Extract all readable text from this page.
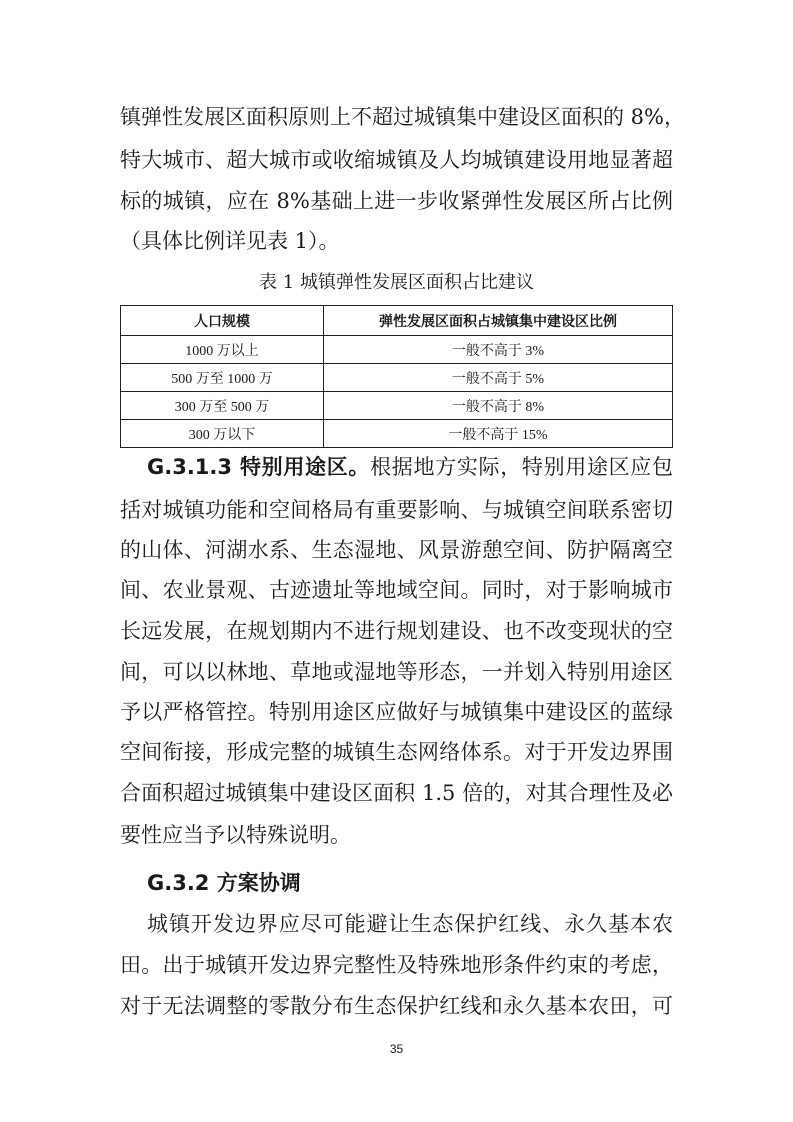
镇弹性发展区面积原则上不超过城镇集中建设区面积的 8%，
特大城市、超大城市或收缩城镇及人均城镇建设用地显著超
标的城镇，应在 8%基础上进一步收紧弹性发展区所占比例
（具体比例详见表 1）。
表 1 城镇弹性发展区面积占比建议
人口规模	弹性发展区面积占城镇集中建设区比例
1000 万以上	一般不高于 3%
500 万至 1000 万	一般不高于 5%
300 万至 500 万	一般不高于 8%
300 万以下	一般不高于 15%
G.3.1.3 特别用途区。根据地方实际，特别用途区应包
括对城镇功能和空间格局有重要影响、与城镇空间联系密切
的山体、河湖水系、生态湿地、风景游憩空间、防护隔离空
间、农业景观、古迹遗址等地域空间。同时，对于影响城市
长远发展，在规划期内不进行规划建设、也不改变现状的空
间，可以以林地、草地或湿地等形态，一并划入特别用途区
予以严格管控。特别用途区应做好与城镇集中建设区的蓝绿
空间衔接，形成完整的城镇生态网络体系。对于开发边界围
合面积超过城镇集中建设区面积 1.5 倍的，对其合理性及必
要性应当予以特殊说明。
G.3.2 方案协调
城镇开发边界应尽可能避让生态保护红线、永久基本农
田。出于城镇开发边界完整性及特殊地形条件约束的考虑，
对于无法调整的零散分布生态保护红线和永久基本农田，可
35
